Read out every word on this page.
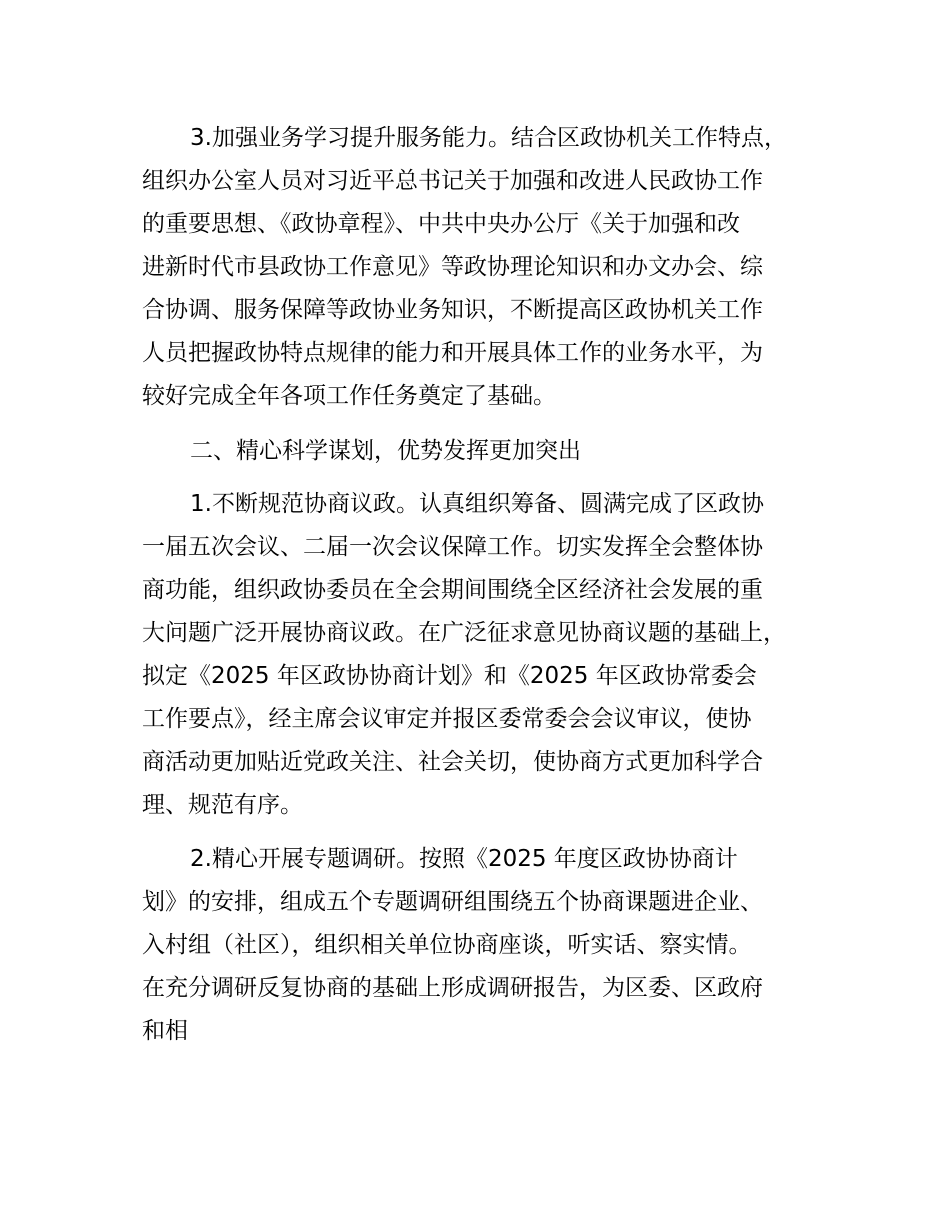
3.加强业务学习提升服务能力。结合区政协机关工作特点，
组织办公室人员对习近平总书记关于加强和改进人民政协工作
的重要思想、《政协章程》、中共中央办公厅《关于加强和改
进新时代市县政协工作意见》等政协理论知识和办文办会、综
合协调、服务保障等政协业务知识，不断提高区政协机关工作
人员把握政协特点规律的能力和开展具体工作的业务水平，为
较好完成全年各项工作任务奠定了基础。
二、精心科学谋划，优势发挥更加突出
1.不断规范协商议政。认真组织筹备、圆满完成了区政协
一届五次会议、二届一次会议保障工作。切实发挥全会整体协
商功能，组织政协委员在全会期间围绕全区经济社会发展的重
大问题广泛开展协商议政。在广泛征求意见协商议题的基础上，
拟定《2025 年区政协协商计划》和《2025 年区政协常委会
工作要点》，经主席会议审定并报区委常委会会议审议，使协
商活动更加贴近党政关注、社会关切，使协商方式更加科学合
理、规范有序。
2.精心开展专题调研。按照《2025 年度区政协协商计
划》的安排，组成五个专题调研组围绕五个协商课题进企业、
入村组（社区），组织相关单位协商座谈，听实话、察实情。
在充分调研反复协商的基础上形成调研报告，为区委、区政府
和相
